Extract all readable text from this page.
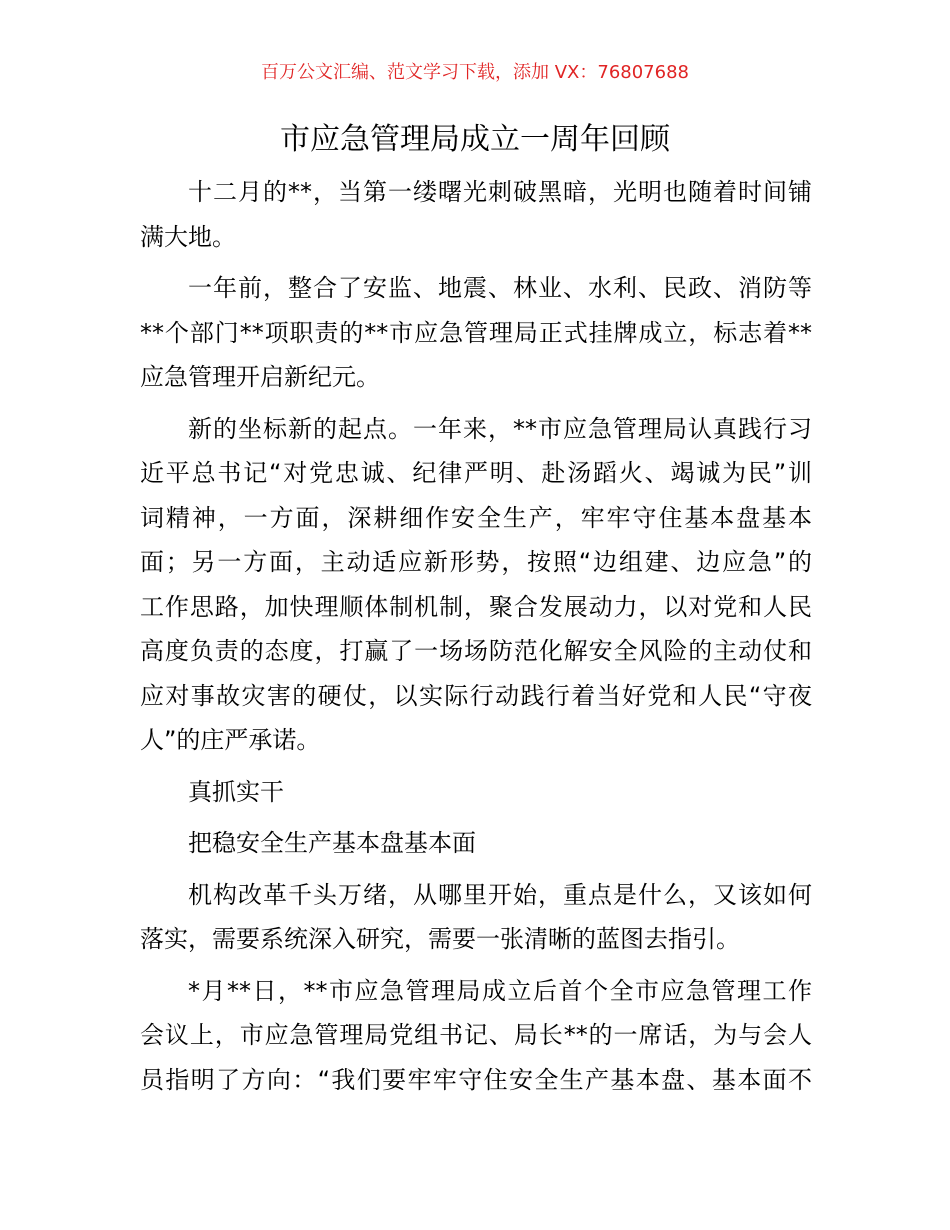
百万公文汇编、范文学习下载，添加 VX：76807688
市应急管理局成立一周年回顾
十二月的**，当第一缕曙光刺破黑暗，光明也随着时间铺
满大地。
一年前，整合了安监、地震、林业、水利、民政、消防等
**个部门**项职责的**市应急管理局正式挂牌成立，标志着**
应急管理开启新纪元。
新的坐标新的起点。一年来，**市应急管理局认真践行习
近平总书记“对党忠诚、纪律严明、赴汤蹈火、竭诚为民”训
词精神，一方面，深耕细作安全生产，牢牢守住基本盘基本
面；另一方面，主动适应新形势，按照“边组建、边应急”的
工作思路，加快理顺体制机制，聚合发展动力，以对党和人民
高度负责的态度，打赢了一场场防范化解安全风险的主动仗和
应对事故灾害的硬仗，以实际行动践行着当好党和人民“守夜
人”的庄严承诺。
真抓实干
把稳安全生产基本盘基本面
机构改革千头万绪，从哪里开始，重点是什么，又该如何
落实，需要系统深入研究，需要一张清晰的蓝图去指引。
*月**日，**市应急管理局成立后首个全市应急管理工作
会议上，市应急管理局党组书记、局长**的一席话，为与会人
员指明了方向：“我们要牢牢守住安全生产基本盘、基本面不
